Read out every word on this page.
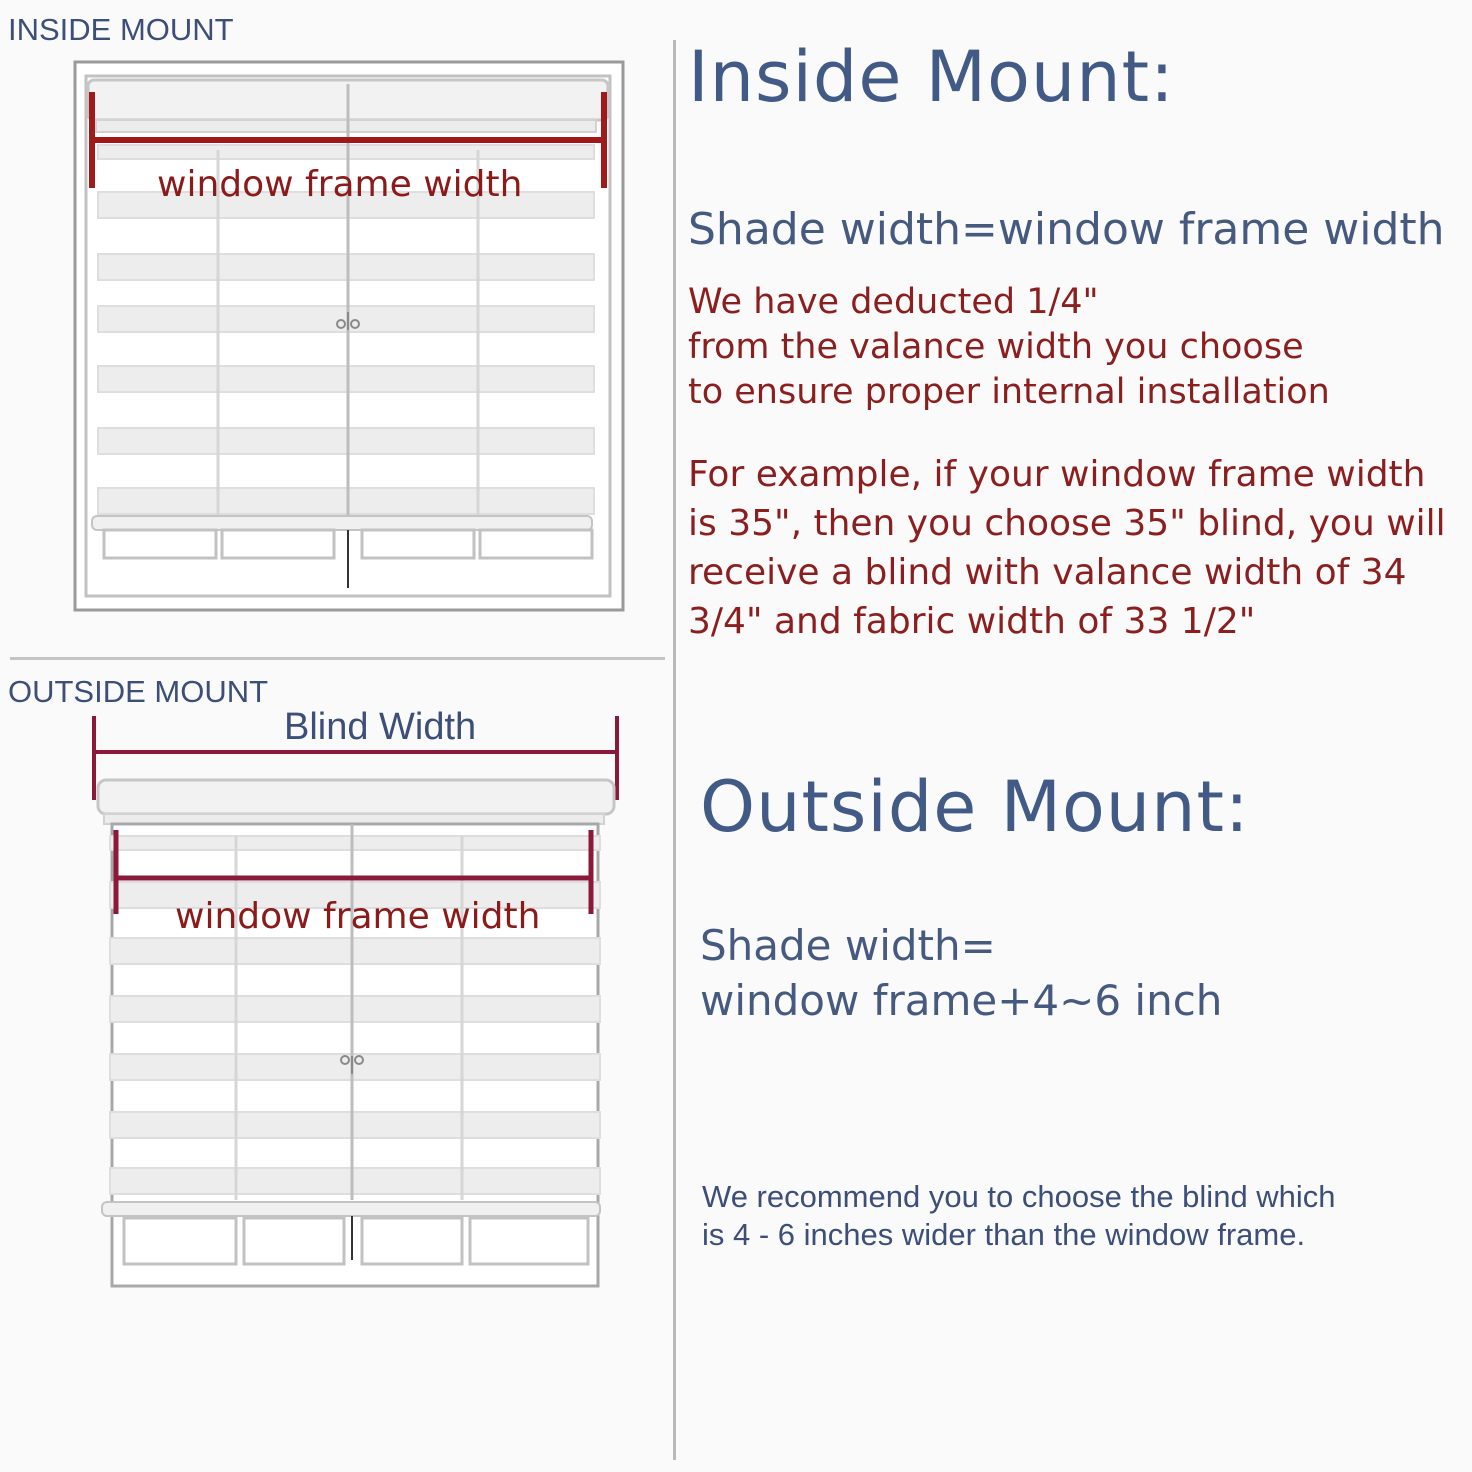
INSIDE MOUNT
window frame width
OUTSIDE MOUNT
Blind Width
window frame width
Inside Mount:
Shade width=window frame width
We have deducted 1/4"
from the valance width you choose
to ensure proper internal installation
For example, if your window frame width
is 35", then you choose 35" blind, you will
receive a blind with valance width of 34
3/4" and fabric width of 33 1/2"
Outside Mount:
Shade width=
window frame+4~6 inch
We recommend you to choose the blind which
is 4 - 6 inches wider than the window frame.
